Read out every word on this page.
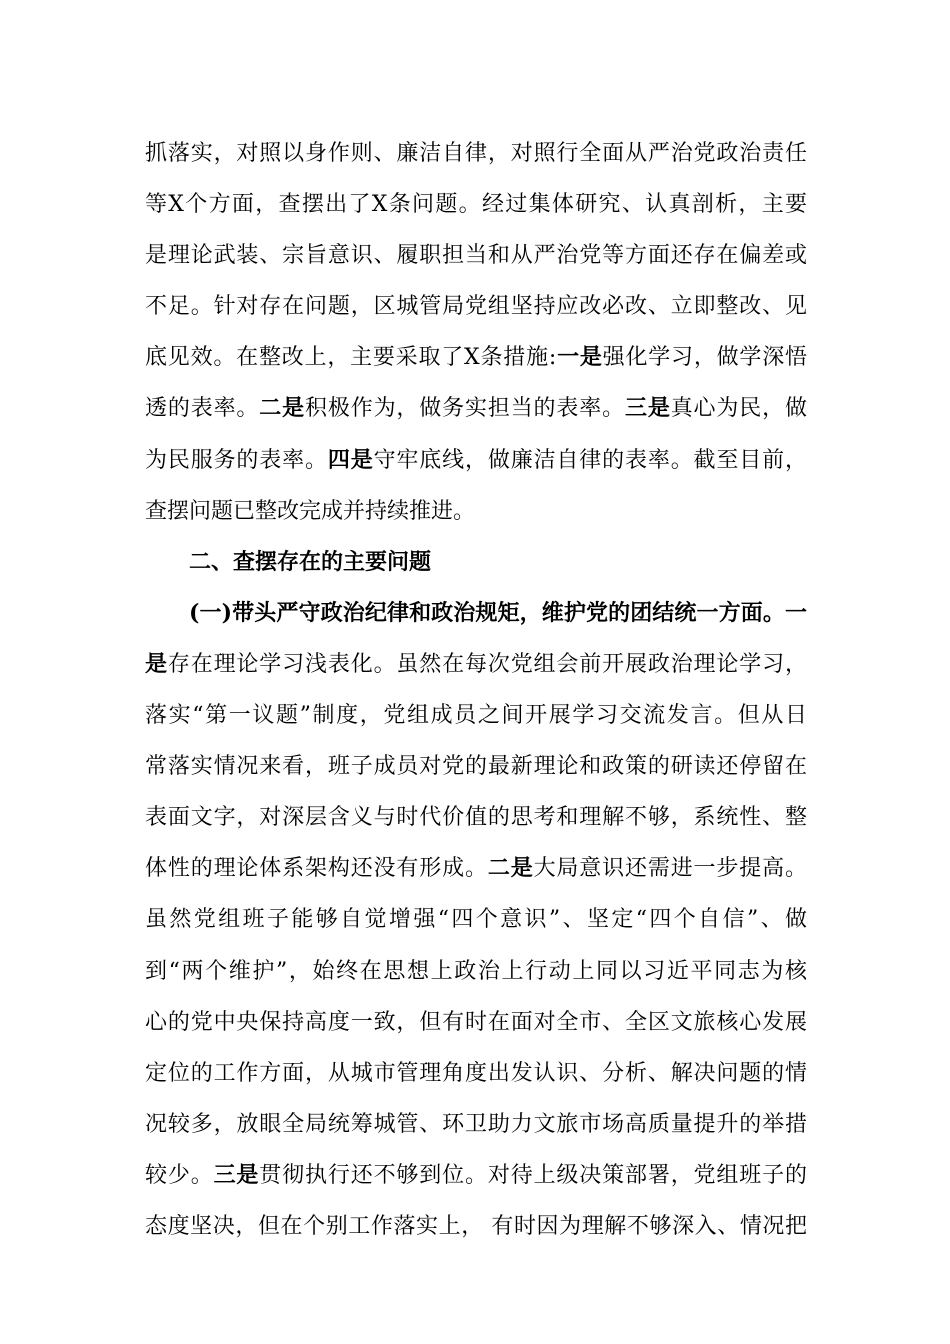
抓落实，对照以身作则、廉洁自律，对照行全面从严治党政治责任
等X个方面，查摆出了X条问题。经过集体研究、认真剖析，主要
是理论武装、宗旨意识、履职担当和从严治党等方面还存在偏差或
不足。针对存在问题，区城管局党组坚持应改必改、立即整改、见
底见效。在整改上，主要采取了X条措施:一是强化学习，做学深悟
透的表率。二是积极作为，做务实担当的表率。三是真心为民，做
为民服务的表率。四是守牢底线，做廉洁自律的表率。截至目前，
查摆问题已整改完成并持续推进。
二、查摆存在的主要问题
(一)带头严守政治纪律和政治规矩，维护党的团结统一方面。一
是存在理论学习浅表化。虽然在每次党组会前开展政治理论学习，
落实“第一议题”制度，党组成员之间开展学习交流发言。但从日
常落实情况来看，班子成员对党的最新理论和政策的研读还停留在
表面文字，对深层含义与时代价值的思考和理解不够，系统性、整
体性的理论体系架构还没有形成。二是大局意识还需进一步提高。
虽然党组班子能够自觉增强“四个意识”、坚定“四个自信”、做
到“两个维护”，始终在思想上政治上行动上同以习近平同志为核
心的党中央保持高度一致，但有时在面对全市、全区文旅核心发展
定位的工作方面，从城市管理角度出发认识、分析、解决问题的情
况较多，放眼全局统筹城管、环卫助力文旅市场高质量提升的举措
较少。三是贯彻执行还不够到位。对待上级决策部署，党组班子的
态度坚决，但在个别工作落实上， 有时因为理解不够深入、情况把
